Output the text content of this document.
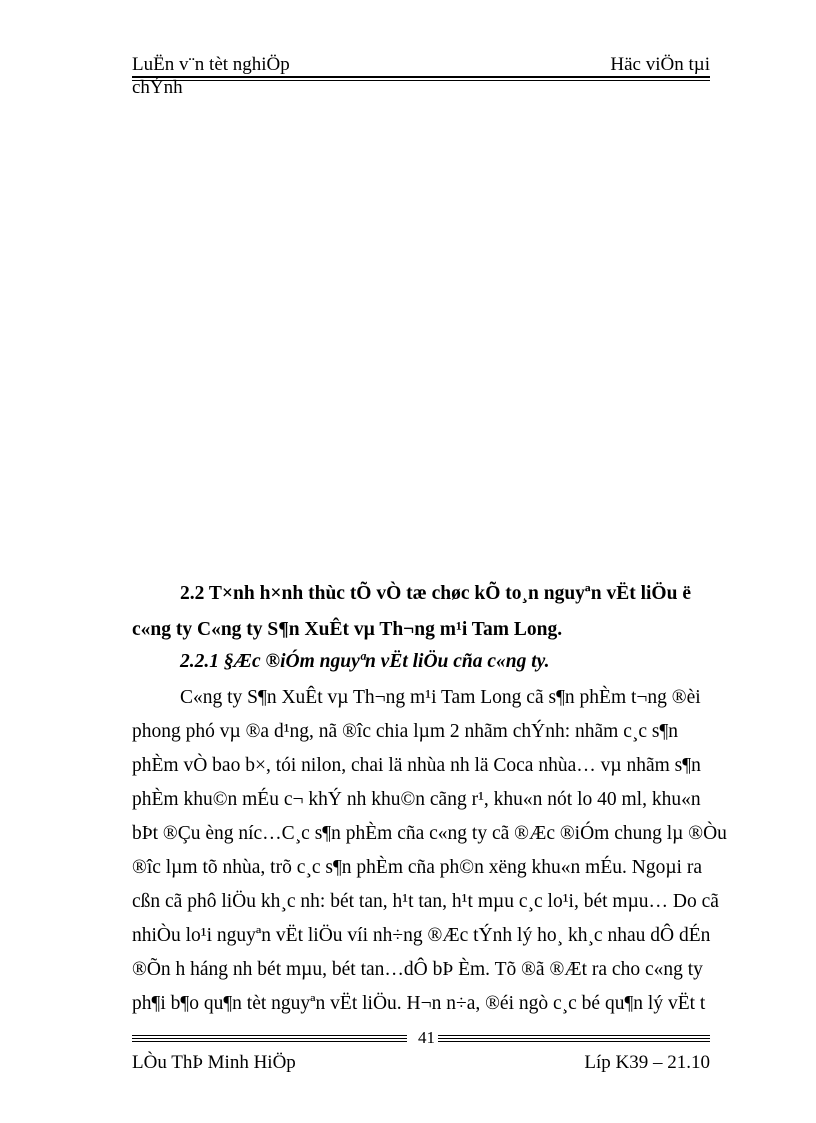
LuËn v¨n tèt nghiÖp	Häc viÖn tµi
chÝnh
2.2 T×nh h×nh thùc tÕ vÒ tæ chøc kÕ to¸n nguyªn vËt liÖu ë
c«ng ty C«ng ty S¶n XuÊt vµ Th¬ng m¹i Tam Long.
2.2.1 §Æc ®iÓm nguyªn vËt liÖu cña c«ng ty.
C«ng ty S¶n XuÊt vµ Th¬ng m¹i Tam Long cã s¶n phÈm t¬ng ®èi
phong phó vµ ®a d¹ng, nã ®îc chia lµm 2 nhãm chÝnh: nhãm c¸c s¶n
phÈm vÒ bao b×, tói nilon, chai lä nhùa nh lä Coca nhùa… vµ nhãm s¶n
phÈm khu©n mÉu c¬ khÝ nh khu©n cãng r¹, khu«n nót lo 40 ml, khu«n
bÞt ®Çu èng níc…C¸c s¶n phÈm cña c«ng ty cã ®Æc ®iÓm chung lµ ®Òu
®îc lµm tõ nhùa, trõ c¸c s¶n phÈm cña ph©n xëng khu«n mÉu. Ngoµi ra
cßn cã phô liÖu kh¸c nh: bét tan, h¹t tan, h¹t mµu c¸c lo¹i, bét mµu… Do cã
nhiÒu lo¹i nguyªn vËt liÖu víi nh÷ng ®Æc tÝnh lý ho¸ kh¸c nhau dÔ dÉn
®Õn h háng nh bét mµu, bét tan…dÔ bÞ Èm. Tõ ®ã ®Æt ra cho c«ng ty
ph¶i b¶o qu¶n tèt nguyªn vËt liÖu. H¬n n÷a, ®éi ngò c¸c bé qu¶n lý vËt t
41
LÒu ThÞ Minh HiÖp	Líp K39 – 21.10
